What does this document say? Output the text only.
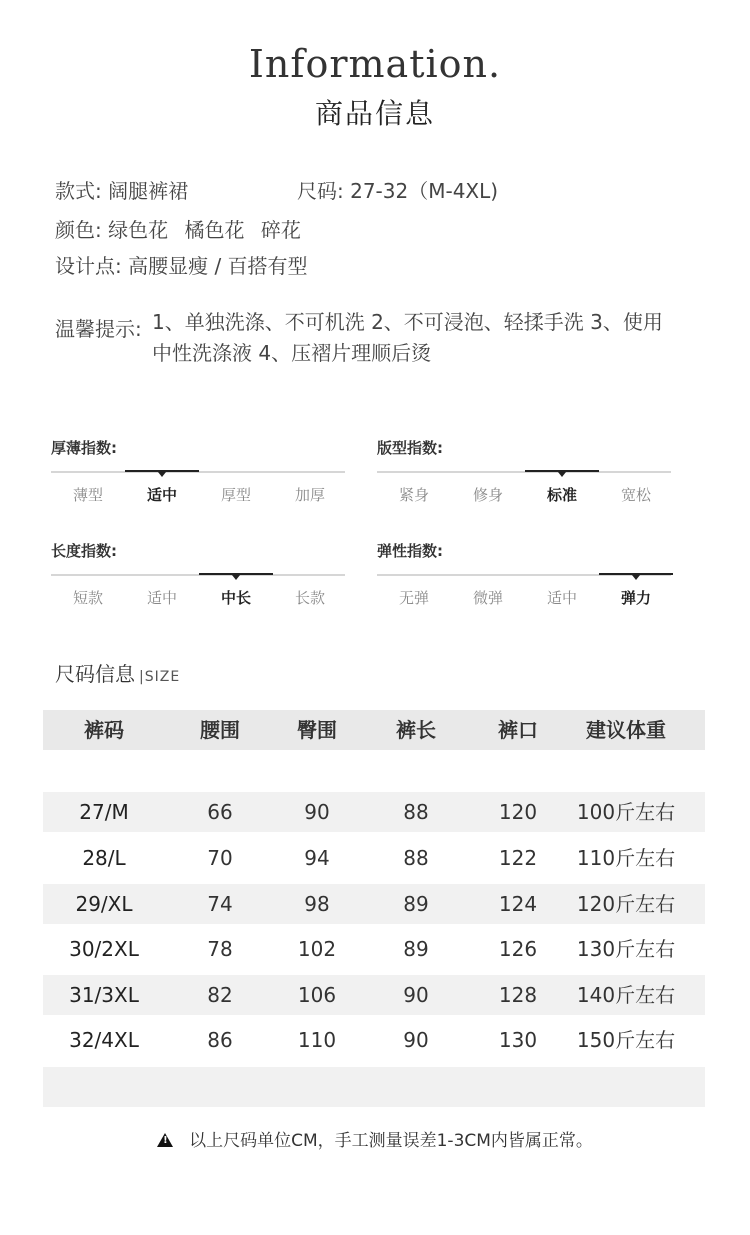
Information.
商品信息
款式: 阔腿裤裙	尺码: 27-32（M-4XL)
颜色: 绿色花 橘色花 碎花
设计点: 高腰显瘦 / 百搭有型
温馨提示: 1、单独洗涤、不可机洗 2、不可浸泡、轻揉手洗 3、使用中性洗涤液 4、压褶片理顺后烫
厚薄指数:
薄型	适中	厚型	加厚
版型指数:
紧身	修身	标准	宽松
长度指数:
短款	适中	中长	长款
弹性指数:
无弹	微弹	适中	弹力
尺码信息 |SIZE
裤码	腰围	臀围	裤长	裤口	建议体重
27/M	66	90	88	120	100斤左右
28/L	70	94	88	122	110斤左右
29/XL	74	98	89	124	120斤左右
30/2XL	78	102	89	126	130斤左右
31/3XL	82	106	90	128	140斤左右
32/4XL	86	110	90	130	150斤左右
!以上尺码单位CM，手工测量误差1-3CM内皆属正常。
